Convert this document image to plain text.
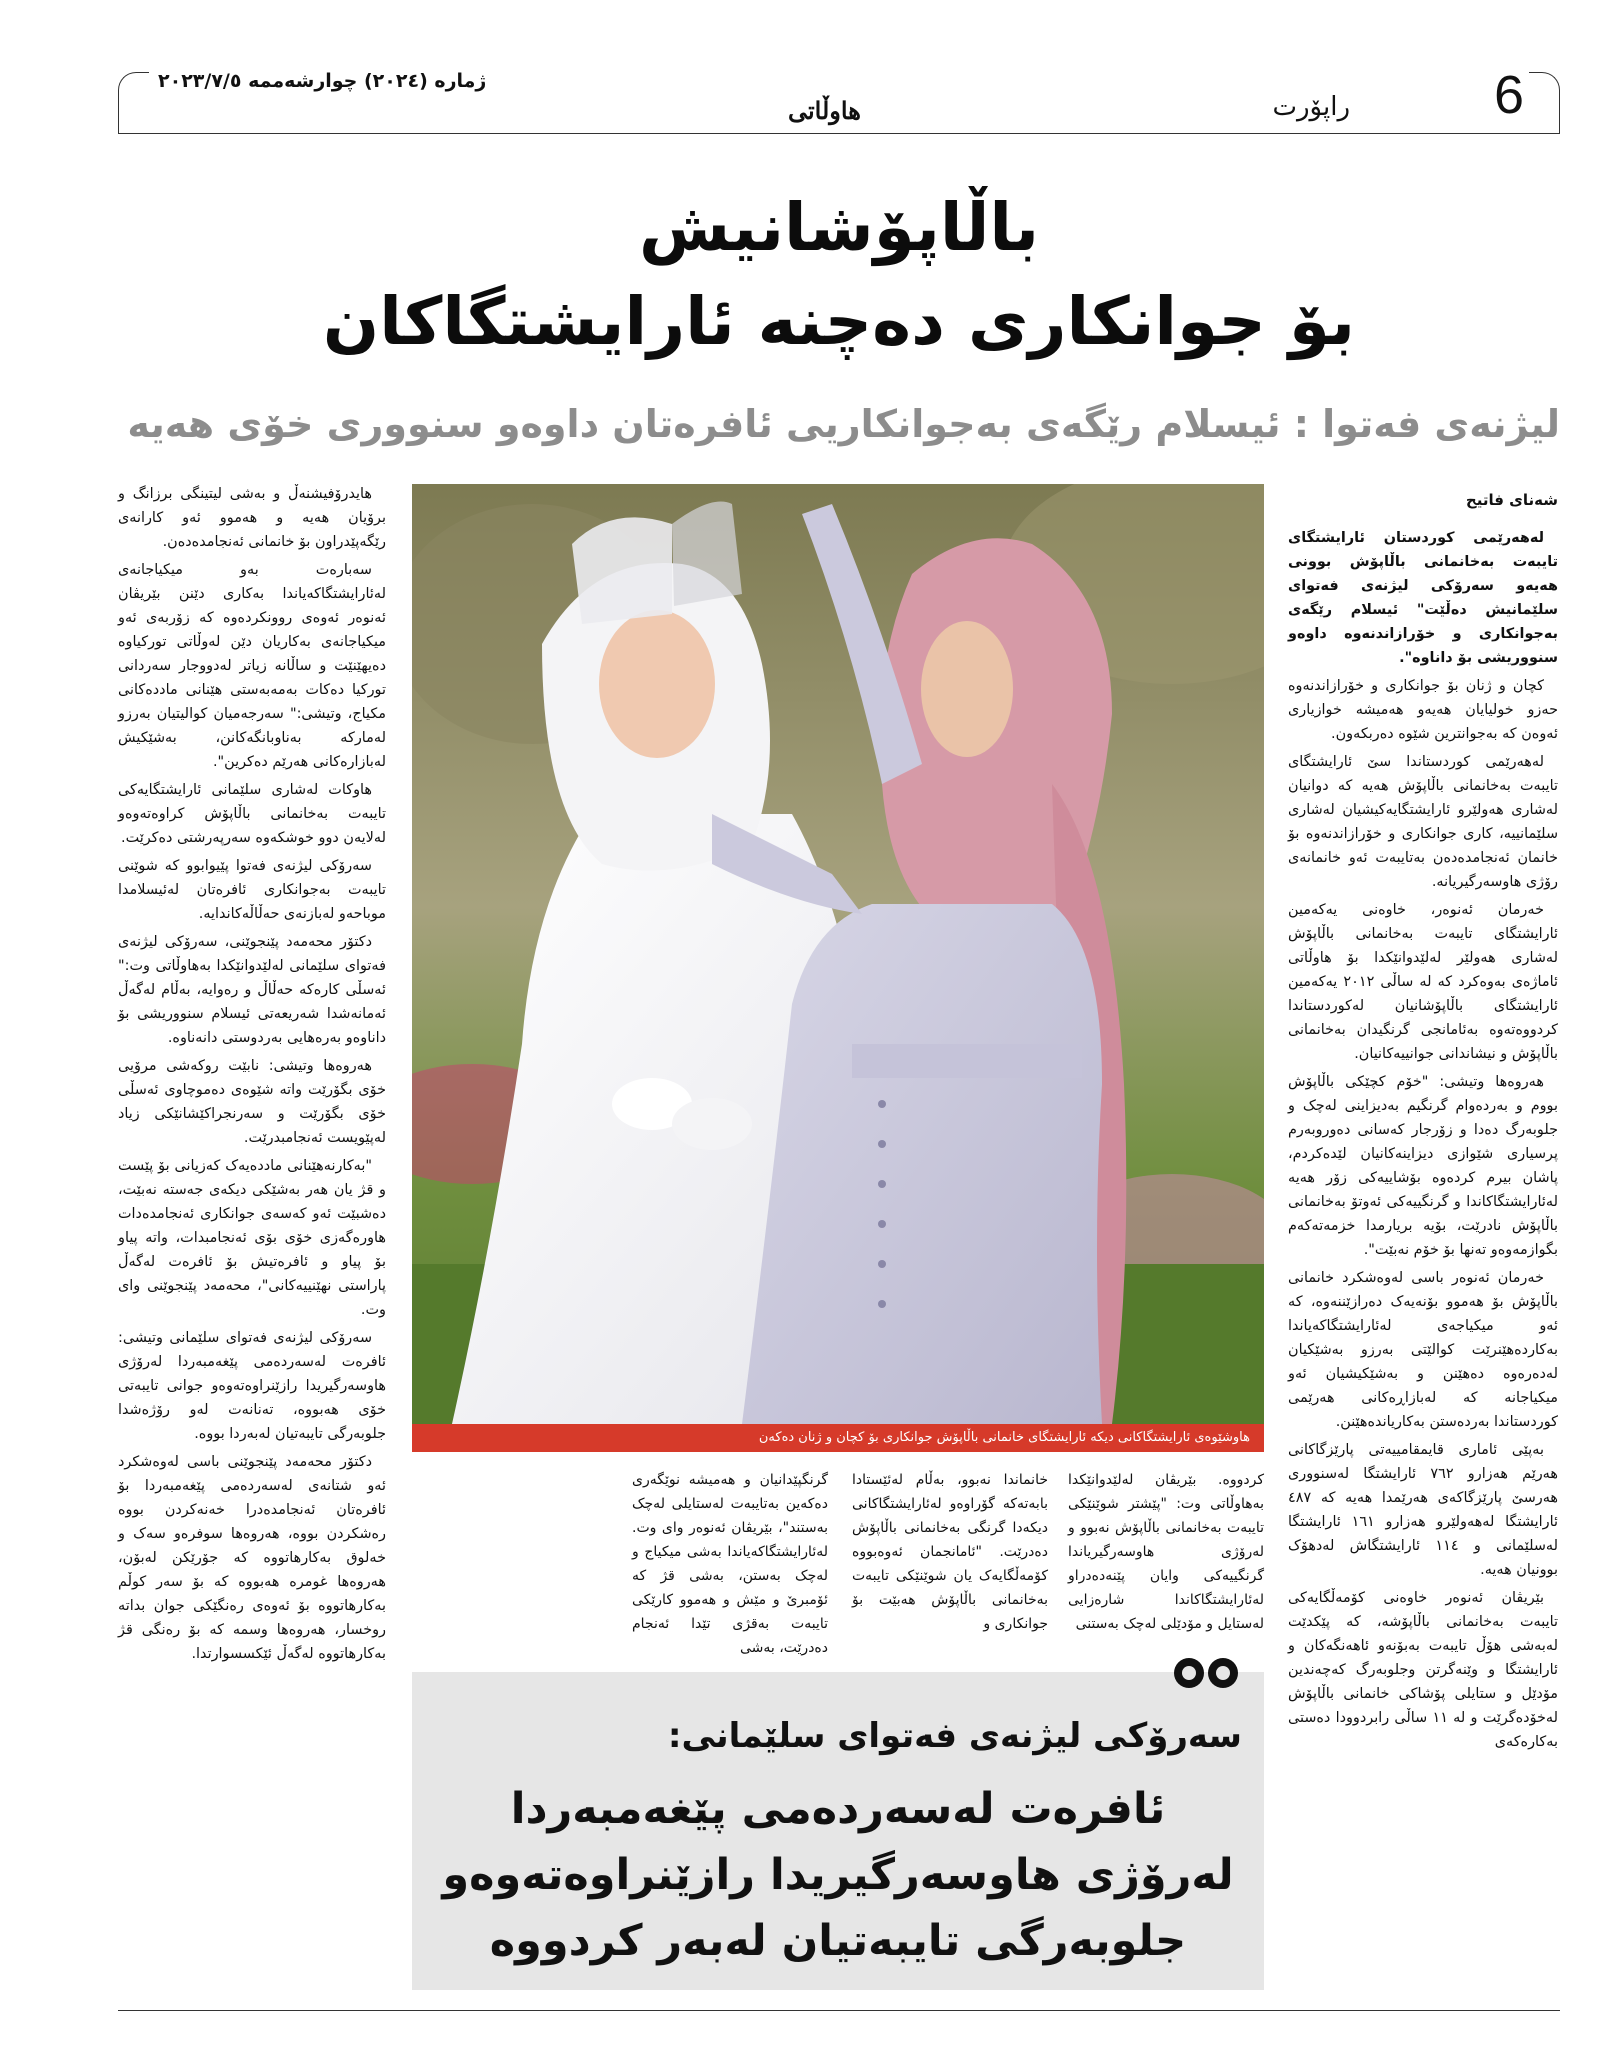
ژمارە (٢٠٢٤) چوارشەممە ٢٠٢٣/٧/٥
هاوڵاتی	راپۆرت	6
باڵاپۆشانیش
بۆ جوانکاری دەچنە ئارایشتگاکان
لیژنەی فەتوا : ئیسلام رێگەی بەجوانکاریی ئافرەتان داوەو سنووری خۆی هەیە
شەنای فاتیح

لەهەرێمی کوردستان ئارایشتگای تایبەت بەخانمانی باڵاپۆش بوونی هەیەو سەرۆکی لیژنەی فەتوای سلێمانیش دەڵێت" ئیسلام رێگەی بەجوانکاری و خۆرازاندنەوە داوەو سنووریشی بۆ داناوە".

کچان و ژنان بۆ جوانکاری و خۆرازاندنەوە حەزو خولیایان هەیەو هەمیشە خوازیاری ئەوەن کە بەجوانترین شێوە دەربکەون.

لەهەرێمی کوردستاندا سێ ئارایشتگای تایبەت بەخانمانی باڵاپۆش هەیە کە دوانیان لەشاری هەولێرو ئارایشتگایەکیشیان لەشاری سلێمانییە، کاری جوانکاری و خۆرازاندنەوە بۆ خانمان ئەنجامدەدەن بەتایبەت ئەو خانمانەی رۆژی هاوسەرگیریانە.

خەرمان ئەنوەر، خاوەنی یەکەمین ئارایشتگای تایبەت بەخانمانی باڵاپۆش لەشاری هەولێر لەلێدوانێکدا بۆ هاوڵاتی ئاماژەی بەوەکرد کە لە ساڵی ٢٠١٢ یەکەمین ئارایشتگای باڵاپۆشانیان لەکوردستاندا کردووەتەوە بەئامانجی گرنگیدان بەخانمانی باڵاپۆش و نیشاندانی جوانییەکانیان.

هەروەها وتیشی: "خۆم کچێکی باڵاپۆش بووم و بەردەوام گرنگیم بەدیزاینی لەچک و جلوبەرگ دەدا و زۆرجار کەسانی دەوروبەرم پرسیاری شێوازی دیزاینەکانیان لێدەکردم، پاشان بیرم کردەوە بۆشاییەکی زۆر هەیە لەئارایشتگاکاندا و گرنگییەکی ئەوتۆ بەخانمانی باڵاپۆش نادرێت، بۆیە بریارمدا خزمەتەکەم بگوازمەوەو تەنها بۆ خۆم نەبێت".

خەرمان ئەنوەر باسی لەوەشکرد خانمانی باڵاپۆش بۆ هەموو بۆنەیەک دەرازێننەوە، کە ئەو میکیاجەی لەئارایشتگاکەیاندا بەکاردەهێنرێت کوالێتی بەرزو بەشێکیان لەدەرەوە دەهێنن و بەشێکیشیان ئەو میکیاجانە کە لەبازاڕەکانی هەرێمی کوردستاندا بەردەستن بەکاریاندەهێنن.

بەپێی ئاماری قایمقامییەتی پارێزگاکانی هەرێم هەزارو ٧٦٢ ئارایشتگا لەسنووری هەرسێ پارێزگاکەی هەرێمدا هەیە کە ٤٨٧ ئارایشتگا لەهەولێرو هەزارو ١٦١ ئارایشتگا لەسلێمانی و ١١٤ ئارایشتگاش لەدهۆک بوونیان هەیە.

بێریڤان ئەنوەر خاوەنی کۆمەڵگایەکی تایبەت بەخانمانی باڵاپۆشە، کە پێکدێت لەبەشی هۆڵ تایبەت بەبۆنەو ئاهەنگەکان و ئارایشتگا و وێنەگرتن وجلوبەرگ کەچەندین مۆدێل و ستایلی پۆشاکی خانمانی باڵاپۆش لەخۆدەگرێت و لە ١١ ساڵی رابردوودا دەستی بەکارەکەی

هایدرۆفیشنەڵ و بەشی لیتینگی برزانگ و برۆیان هەیە و هەموو ئەو کارانەی رێگەپێدراون بۆ خانمانی ئەنجامدەدەن.

سەبارەت بەو میکیاجانەی لەئارایشتگاکەیاندا بەکاری دێنن بێریڤان ئەنوەر ئەوەی روونکردەوە کە زۆربەی ئەو میکیاجانەی بەکاریان دێن لەوڵاتی تورکیاوە دەیهێنێت و ساڵانە زیاتر لەدووجار سەردانی تورکیا دەکات بەمەبەستی هێنانی ماددەکانی مکیاج، وتیشی:" سەرجەمیان کوالیتیان بەرزو لەمارکە بەناوبانگەکانن، بەشێکیش لەبازارەکانی هەرێم دەکرین".

هاوکات لەشاری سلێمانی ئارایشتگایەکی تایبەت بەخانمانی باڵاپۆش کراوەتەوەو لەلایەن دوو خوشکەوە سەرپەرشتی دەکرێت.

سەرۆکی لیژنەی فەتوا پێیوابوو کە شوێنی تایبەت بەجوانکاری ئافرەتان لەئیسلامدا موباحەو لەبازنەی حەڵاڵەکاندایە.

دکتۆر محەمەد پێنجوێنی، سەرۆکی لیژنەی فەتوای سلێمانی لەلێدوانێکدا بەهاوڵاتی وت:" ئەسڵی کارەکە حەڵاڵ و رەوایە، بەڵام لەگەڵ ئەمانەشدا شەریعەتی ئیسلام سنووریشی بۆ داناوەو بەرەهایی بەردوستی دانەناوە.

هەروەها وتیشی: نابێت روکەشی مرۆیی خۆی بگۆرێت واتە شێوەی دەموچاوی ئەسڵی خۆی بگۆرێت و سەرنجراکێشانێکی زیاد لەپێویست ئەنجامبدرێت.

"بەکارنەهێنانی ماددەیەک کەزیانی بۆ پێست و قژ یان هەر بەشێکی دیکەی جەستە نەبێت، دەشبێت ئەو کەسەی جوانکاری ئەنجامدەدات هاورەگەزی خۆی بۆی ئەنجامبدات، واتە پیاو بۆ پیاو و ئافرەتیش بۆ ئافرەت لەگەڵ پاراستی نهێنییەکانی"، محەمەد پێنجوێنی وای وت.

سەرۆکی لیژنەی فەتوای سلێمانی وتیشی: ئافرەت لەسەردەمی پێغەمبەردا لەرۆژی هاوسەرگیریدا رازێنراوەتەوەو جوانی تایبەتی خۆی هەبووە، تەنانەت لەو رۆژەشدا جلوبەرگی تایبەتیان لەبەردا بووە.

دکتۆر محەمەد پێنجوێنی باسی لەوەشکرد ئەو شتانەی لەسەردەمی پێغەمبەردا بۆ ئافرەتان ئەنجامدەدرا خەنەکردن بووە رەشکردن بووە، هەروەها سوفرەو سەک و خەلوق بەکارهاتووە کە جۆرێکن لەبۆن، هەروەها غومرە هەبووە کە بۆ سەر کوڵم بەکارهاتووە بۆ ئەوەی رەنگێکی جوان بداتە روخسار، هەروەها وسمە کە بۆ رەنگی قژ بەکارهاتووە لەگەڵ ئێکسسوارتدا.

هاوشێوەی ئارایشتگاکانی دیکە ئارایشتگای خانمانی باڵاپۆش جوانکاری بۆ کچان و ژنان دەکەن

کردووە. بێریڤان لەلێدوانێکدا بەهاوڵاتی وت: "پێشتر شوێنێکی تایبەت بەخانمانی باڵاپۆش نەبوو و لەرۆژی هاوسەرگیریاندا گرنگییەکی وایان پێنەدەدراو لەئارایشتگاکاندا شارەزایی لەستایل و مۆدێلی لەچک بەستنی

خانماندا نەبوو، بەڵام لەئێستادا بابەتەکە گۆراوەو لەئارایشتگاکانی دیکەدا گرنگی بەخانمانی باڵاپۆش دەدرێت. "ئامانجمان ئەوەبووە کۆمەڵگایەک یان شوێنێکی تایبەت بەخانمانی باڵاپۆش هەبێت بۆ جوانکاری و

گرنگپێدانیان و هەمیشە نوێگەری دەکەین بەتایبەت لەستایلی لەچک بەستند"، بێریڤان ئەنوەر وای وت. لەئارایشتگاکەیاندا بەشی میکیاج و لەچک بەستن، بەشی قژ کە ئۆمبرێ و مێش و هەموو کارێکی تایبەت بەقژی تێدا ئەنجام دەدرێت، بەشی

سەرۆکی لیژنەی فەتوای سلێمانی:
ئافرەت لەسەردەمی پێغەمبەردا لەرۆژی هاوسەرگیریدا رازێنراوەتەوەو جلوبەرگی تایبەتیان لەبەر کردووە
